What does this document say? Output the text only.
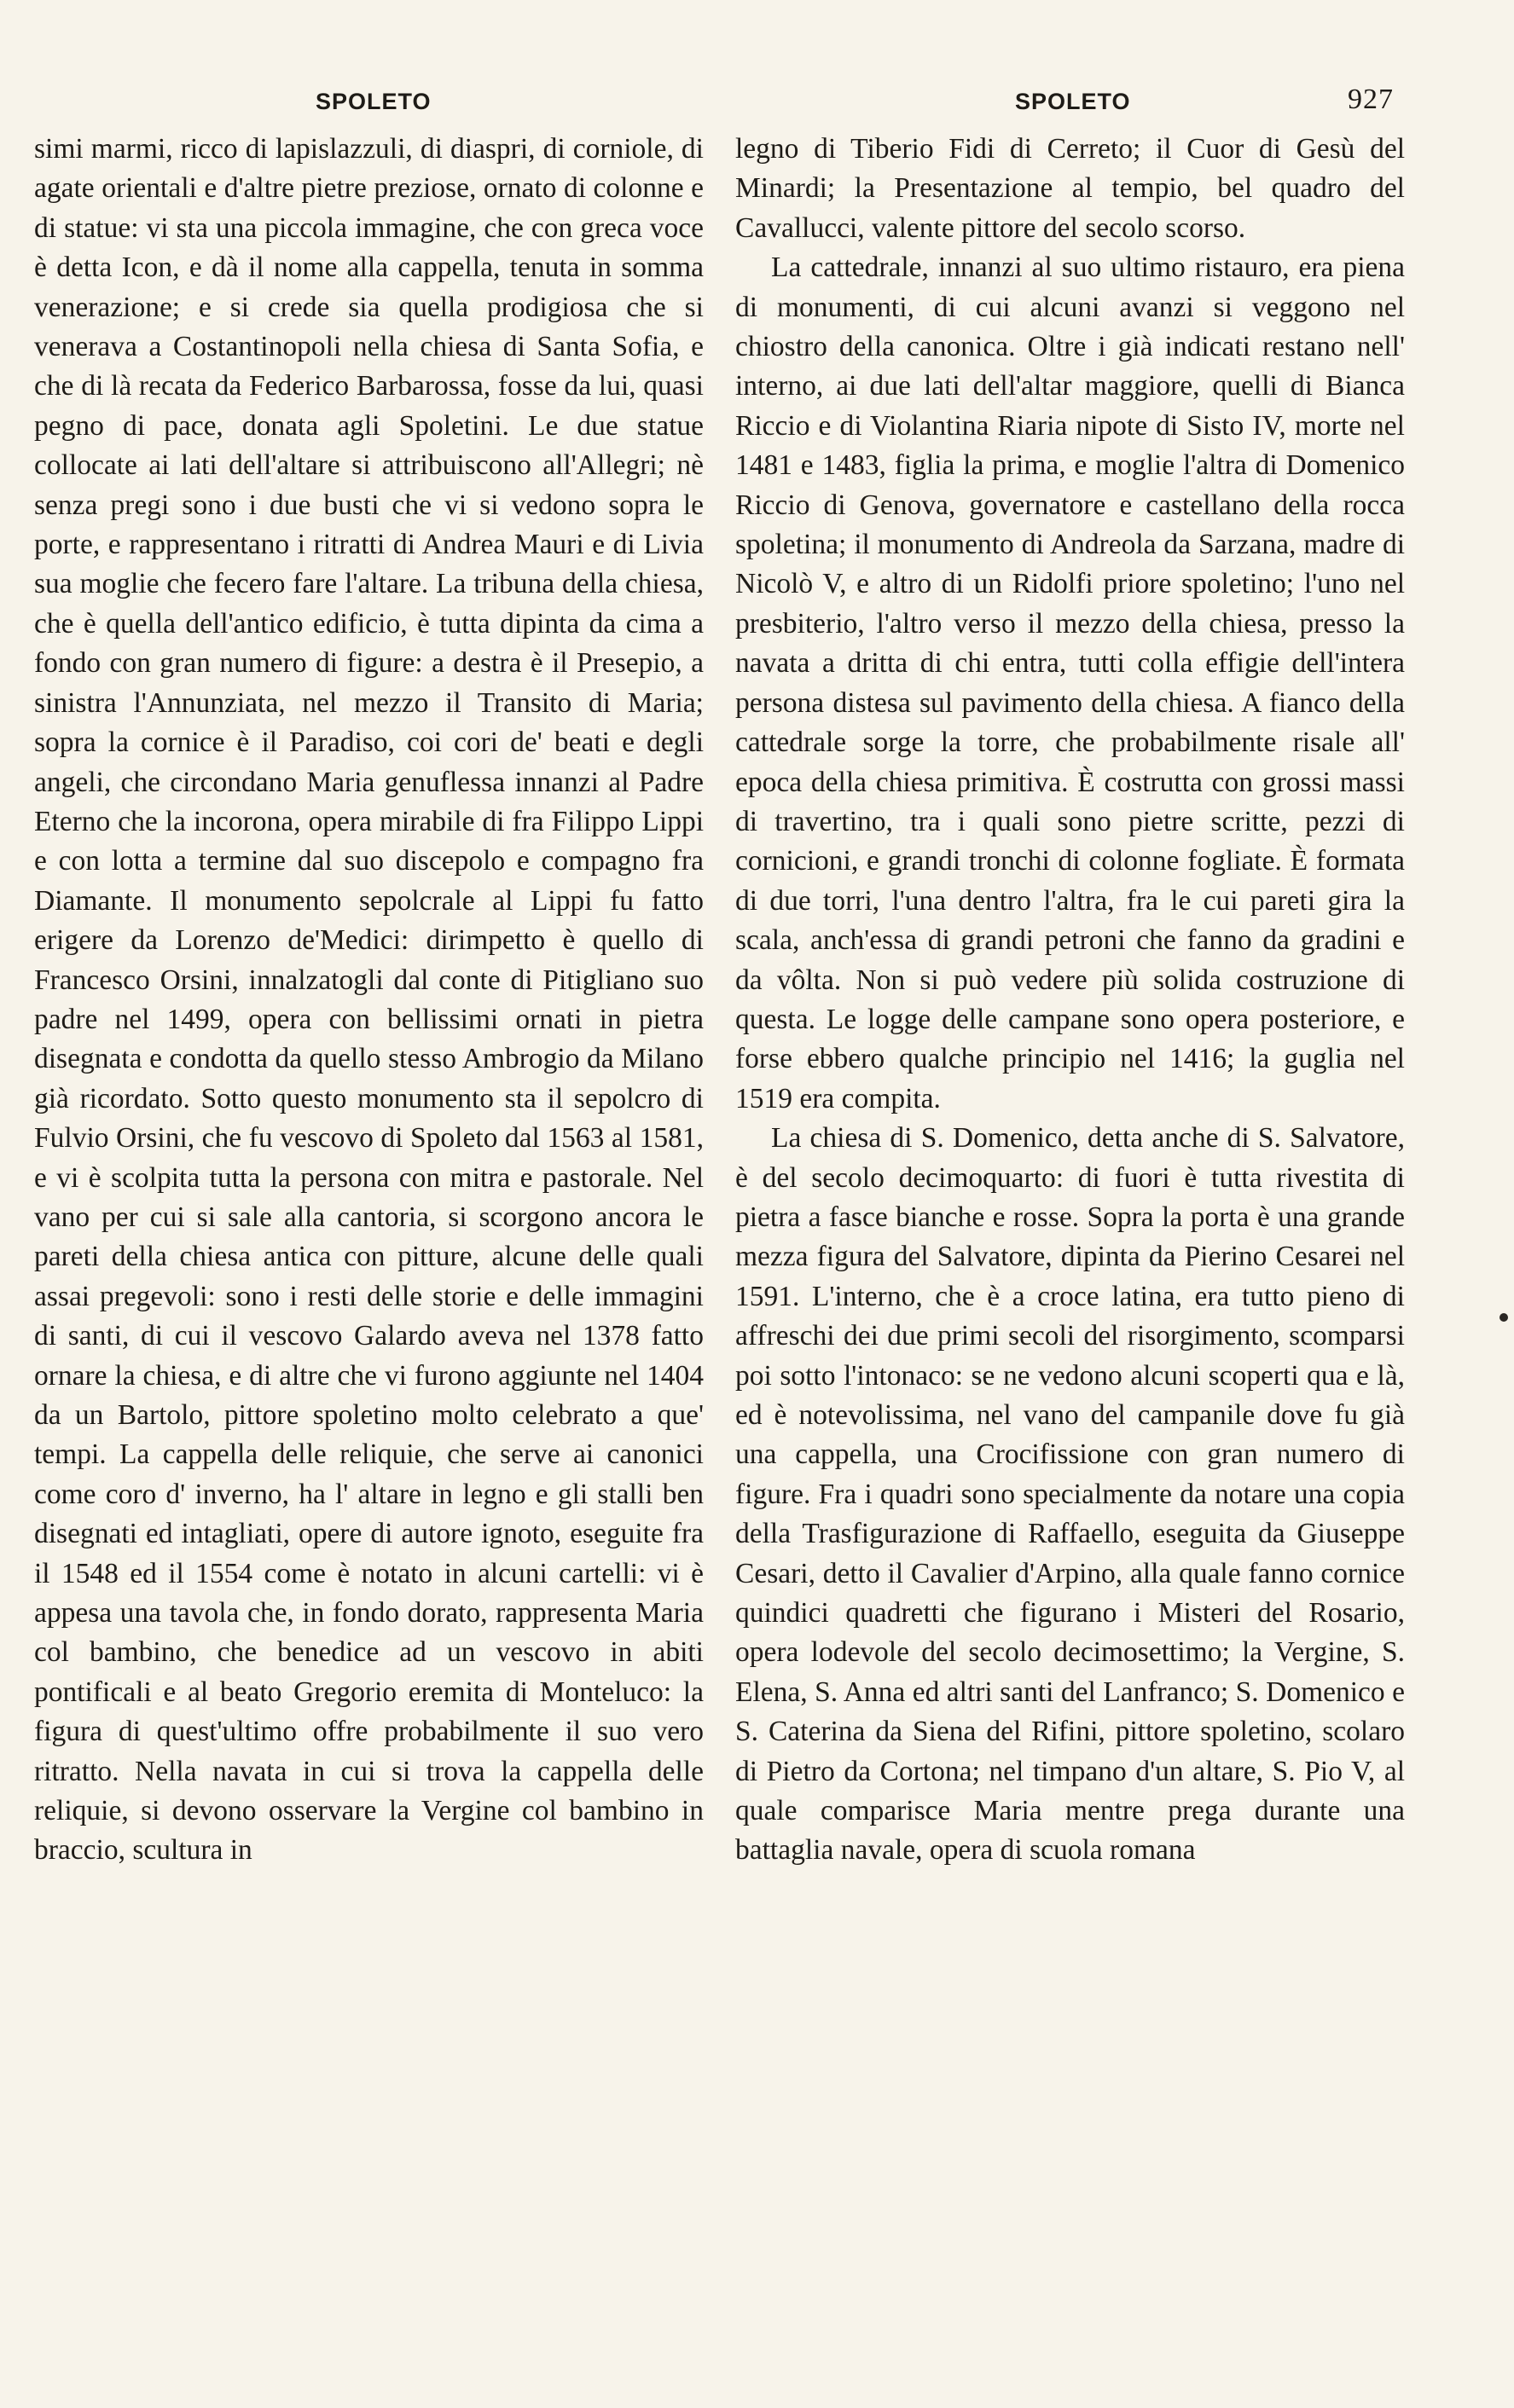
SPOLETO	SPOLETO	927

simi marmi, ricco di lapislazzuli, di diaspri, di corniole, di agate orientali e d'altre pietre preziose, ornato di colonne e di statue: vi sta una piccola immagine, che con greca voce è detta Icon, e dà il nome alla cappella, tenuta in somma venerazione; e si crede sia quella prodigiosa che si venerava a Costantinopoli nella chiesa di Santa Sofia, e che di là recata da Federico Barbarossa, fosse da lui, quasi pegno di pace, donata agli Spoletini. Le due statue collocate ai lati dell'altare si attribuiscono all'Allegri; nè senza pregi sono i due busti che vi si vedono sopra le porte, e rappresentano i ritratti di Andrea Mauri e di Livia sua moglie che fecero fare l'altare. La tribuna della chiesa, che è quella dell'antico edificio, è tutta dipinta da cima a fondo con gran numero di figure: a destra è il Presepio, a sinistra l'Annunziata, nel mezzo il Transito di Maria; sopra la cornice è il Paradiso, coi cori de' beati e degli angeli, che circondano Maria genuflessa innanzi al Padre Eterno che la incorona, opera mirabile di fra Filippo Lippi e con lotta a termine dal suo discepolo e compagno fra Diamante. Il monumento sepolcrale al Lippi fu fatto erigere da Lorenzo de'Medici: dirimpetto è quello di Francesco Orsini, innalzatogli dal conte di Pitigliano suo padre nel 1499, opera con bellissimi ornati in pietra disegnata e condotta da quello stesso Ambrogio da Milano già ricordato. Sotto questo monumento sta il sepolcro di Fulvio Orsini, che fu vescovo di Spoleto dal 1563 al 1581, e vi è scolpita tutta la persona con mitra e pastorale. Nel vano per cui si sale alla cantoria, si scorgono ancora le pareti della chiesa antica con pitture, alcune delle quali assai pregevoli: sono i resti delle storie e delle immagini di santi, di cui il vescovo Galardo aveva nel 1378 fatto ornare la chiesa, e di altre che vi furono aggiunte nel 1404 da un Bartolo, pittore spoletino molto celebrato a que' tempi. La cappella delle reliquie, che serve ai canonici come coro d' inverno, ha l' altare in legno e gli stalli ben disegnati ed intagliati, opere di autore ignoto, eseguite fra il 1548 ed il 1554 come è notato in alcuni cartelli: vi è appesa una tavola che, in fondo dorato, rappresenta Maria col bambino, che benedice ad un vescovo in abiti pontificali e al beato Gregorio eremita di Monteluco: la figura di quest'ultimo offre probabilmente il suo vero ritratto. Nella navata in cui si trova la cappella delle reliquie, si devono osservare la Vergine col bambino in braccio, scultura in

legno di Tiberio Fidi di Cerreto; il Cuor di Gesù del Minardi; la Presentazione al tempio, bel quadro del Cavallucci, valente pittore del secolo scorso.

La cattedrale, innanzi al suo ultimo ristauro, era piena di monumenti, di cui alcuni avanzi si veggono nel chiostro della canonica. Oltre i già indicati restano nell' interno, ai due lati dell'altar maggiore, quelli di Bianca Riccio e di Violantina Riaria nipote di Sisto IV, morte nel 1481 e 1483, figlia la prima, e moglie l'altra di Domenico Riccio di Genova, governatore e castellano della rocca spoletina; il monumento di Andreola da Sarzana, madre di Nicolò V, e altro di un Ridolfi priore spoletino; l'uno nel presbiterio, l'altro verso il mezzo della chiesa, presso la navata a dritta di chi entra, tutti colla effigie dell'intera persona distesa sul pavimento della chiesa. A fianco della cattedrale sorge la torre, che probabilmente risale all' epoca della chiesa primitiva. È costrutta con grossi massi di travertino, tra i quali sono pietre scritte, pezzi di cornicioni, e grandi tronchi di colonne fogliate. È formata di due torri, l'una dentro l'altra, fra le cui pareti gira la scala, anch'essa di grandi petroni che fanno da gradini e da vôlta. Non si può vedere più solida costruzione di questa. Le logge delle campane sono opera posteriore, e forse ebbero qualche principio nel 1416; la guglia nel 1519 era compita.

La chiesa di S. Domenico, detta anche di S. Salvatore, è del secolo decimoquarto: di fuori è tutta rivestita di pietra a fasce bianche e rosse. Sopra la porta è una grande mezza figura del Salvatore, dipinta da Pierino Cesarei nel 1591. L'interno, che è a croce latina, era tutto pieno di affreschi dei due primi secoli del risorgimento, scomparsi poi sotto l'intonaco: se ne vedono alcuni scoperti qua e là, ed è notevolissima, nel vano del campanile dove fu già una cappella, una Crocifissione con gran numero di figure. Fra i quadri sono specialmente da notare una copia della Trasfigurazione di Raffaello, eseguita da Giuseppe Cesari, detto il Cavalier d'Arpino, alla quale fanno cornice quindici quadretti che figurano i Misteri del Rosario, opera lodevole del secolo decimosettimo; la Vergine, S. Elena, S. Anna ed altri santi del Lanfranco; S. Domenico e S. Caterina da Siena del Rifini, pittore spoletino, scolaro di Pietro da Cortona; nel timpano d'un altare, S. Pio V, al quale comparisce Maria mentre prega durante una battaglia navale, opera di scuola romana
